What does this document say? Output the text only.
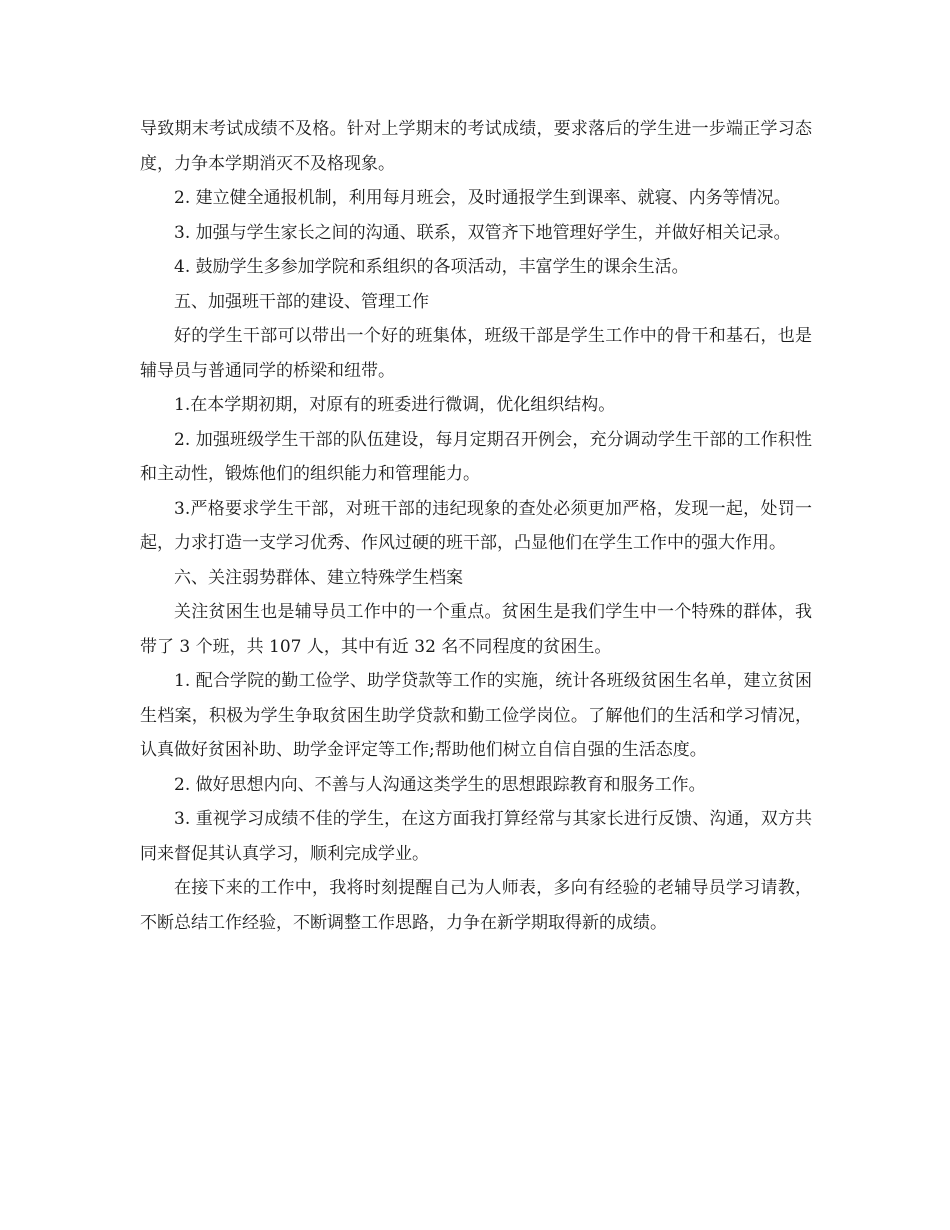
导致期末考试成绩不及格。针对上学期末的考试成绩，要求落后的学生进一步端正学习态度，力争本学期消灭不及格现象。

2. 建立健全通报机制，利用每月班会，及时通报学生到课率、就寝、内务等情况。

3. 加强与学生家长之间的沟通、联系，双管齐下地管理好学生，并做好相关记录。

4. 鼓励学生多参加学院和系组织的各项活动，丰富学生的课余生活。

五、加强班干部的建设、管理工作

好的学生干部可以带出一个好的班集体，班级干部是学生工作中的骨干和基石，也是辅导员与普通同学的桥梁和纽带。

1.在本学期初期，对原有的班委进行微调，优化组织结构。

2. 加强班级学生干部的队伍建设，每月定期召开例会，充分调动学生干部的工作积性和主动性，锻炼他们的组织能力和管理能力。

3.严格要求学生干部，对班干部的违纪现象的查处必须更加严格，发现一起，处罚一起，力求打造一支学习优秀、作风过硬的班干部，凸显他们在学生工作中的强大作用。

六、关注弱势群体、建立特殊学生档案

关注贫困生也是辅导员工作中的一个重点。贫困生是我们学生中一个特殊的群体，我带了 3 个班，共 107 人，其中有近 32 名不同程度的贫困生。

1. 配合学院的勤工俭学、助学贷款等工作的实施，统计各班级贫困生名单，建立贫困生档案，积极为学生争取贫困生助学贷款和勤工俭学岗位。了解他们的生活和学习情况，认真做好贫困补助、助学金评定等工作;帮助他们树立自信自强的生活态度。

2. 做好思想内向、不善与人沟通这类学生的思想跟踪教育和服务工作。

3. 重视学习成绩不佳的学生，在这方面我打算经常与其家长进行反馈、沟通，双方共同来督促其认真学习，顺利完成学业。

在接下来的工作中，我将时刻提醒自己为人师表，多向有经验的老辅导员学习请教，不断总结工作经验，不断调整工作思路，力争在新学期取得新的成绩。
